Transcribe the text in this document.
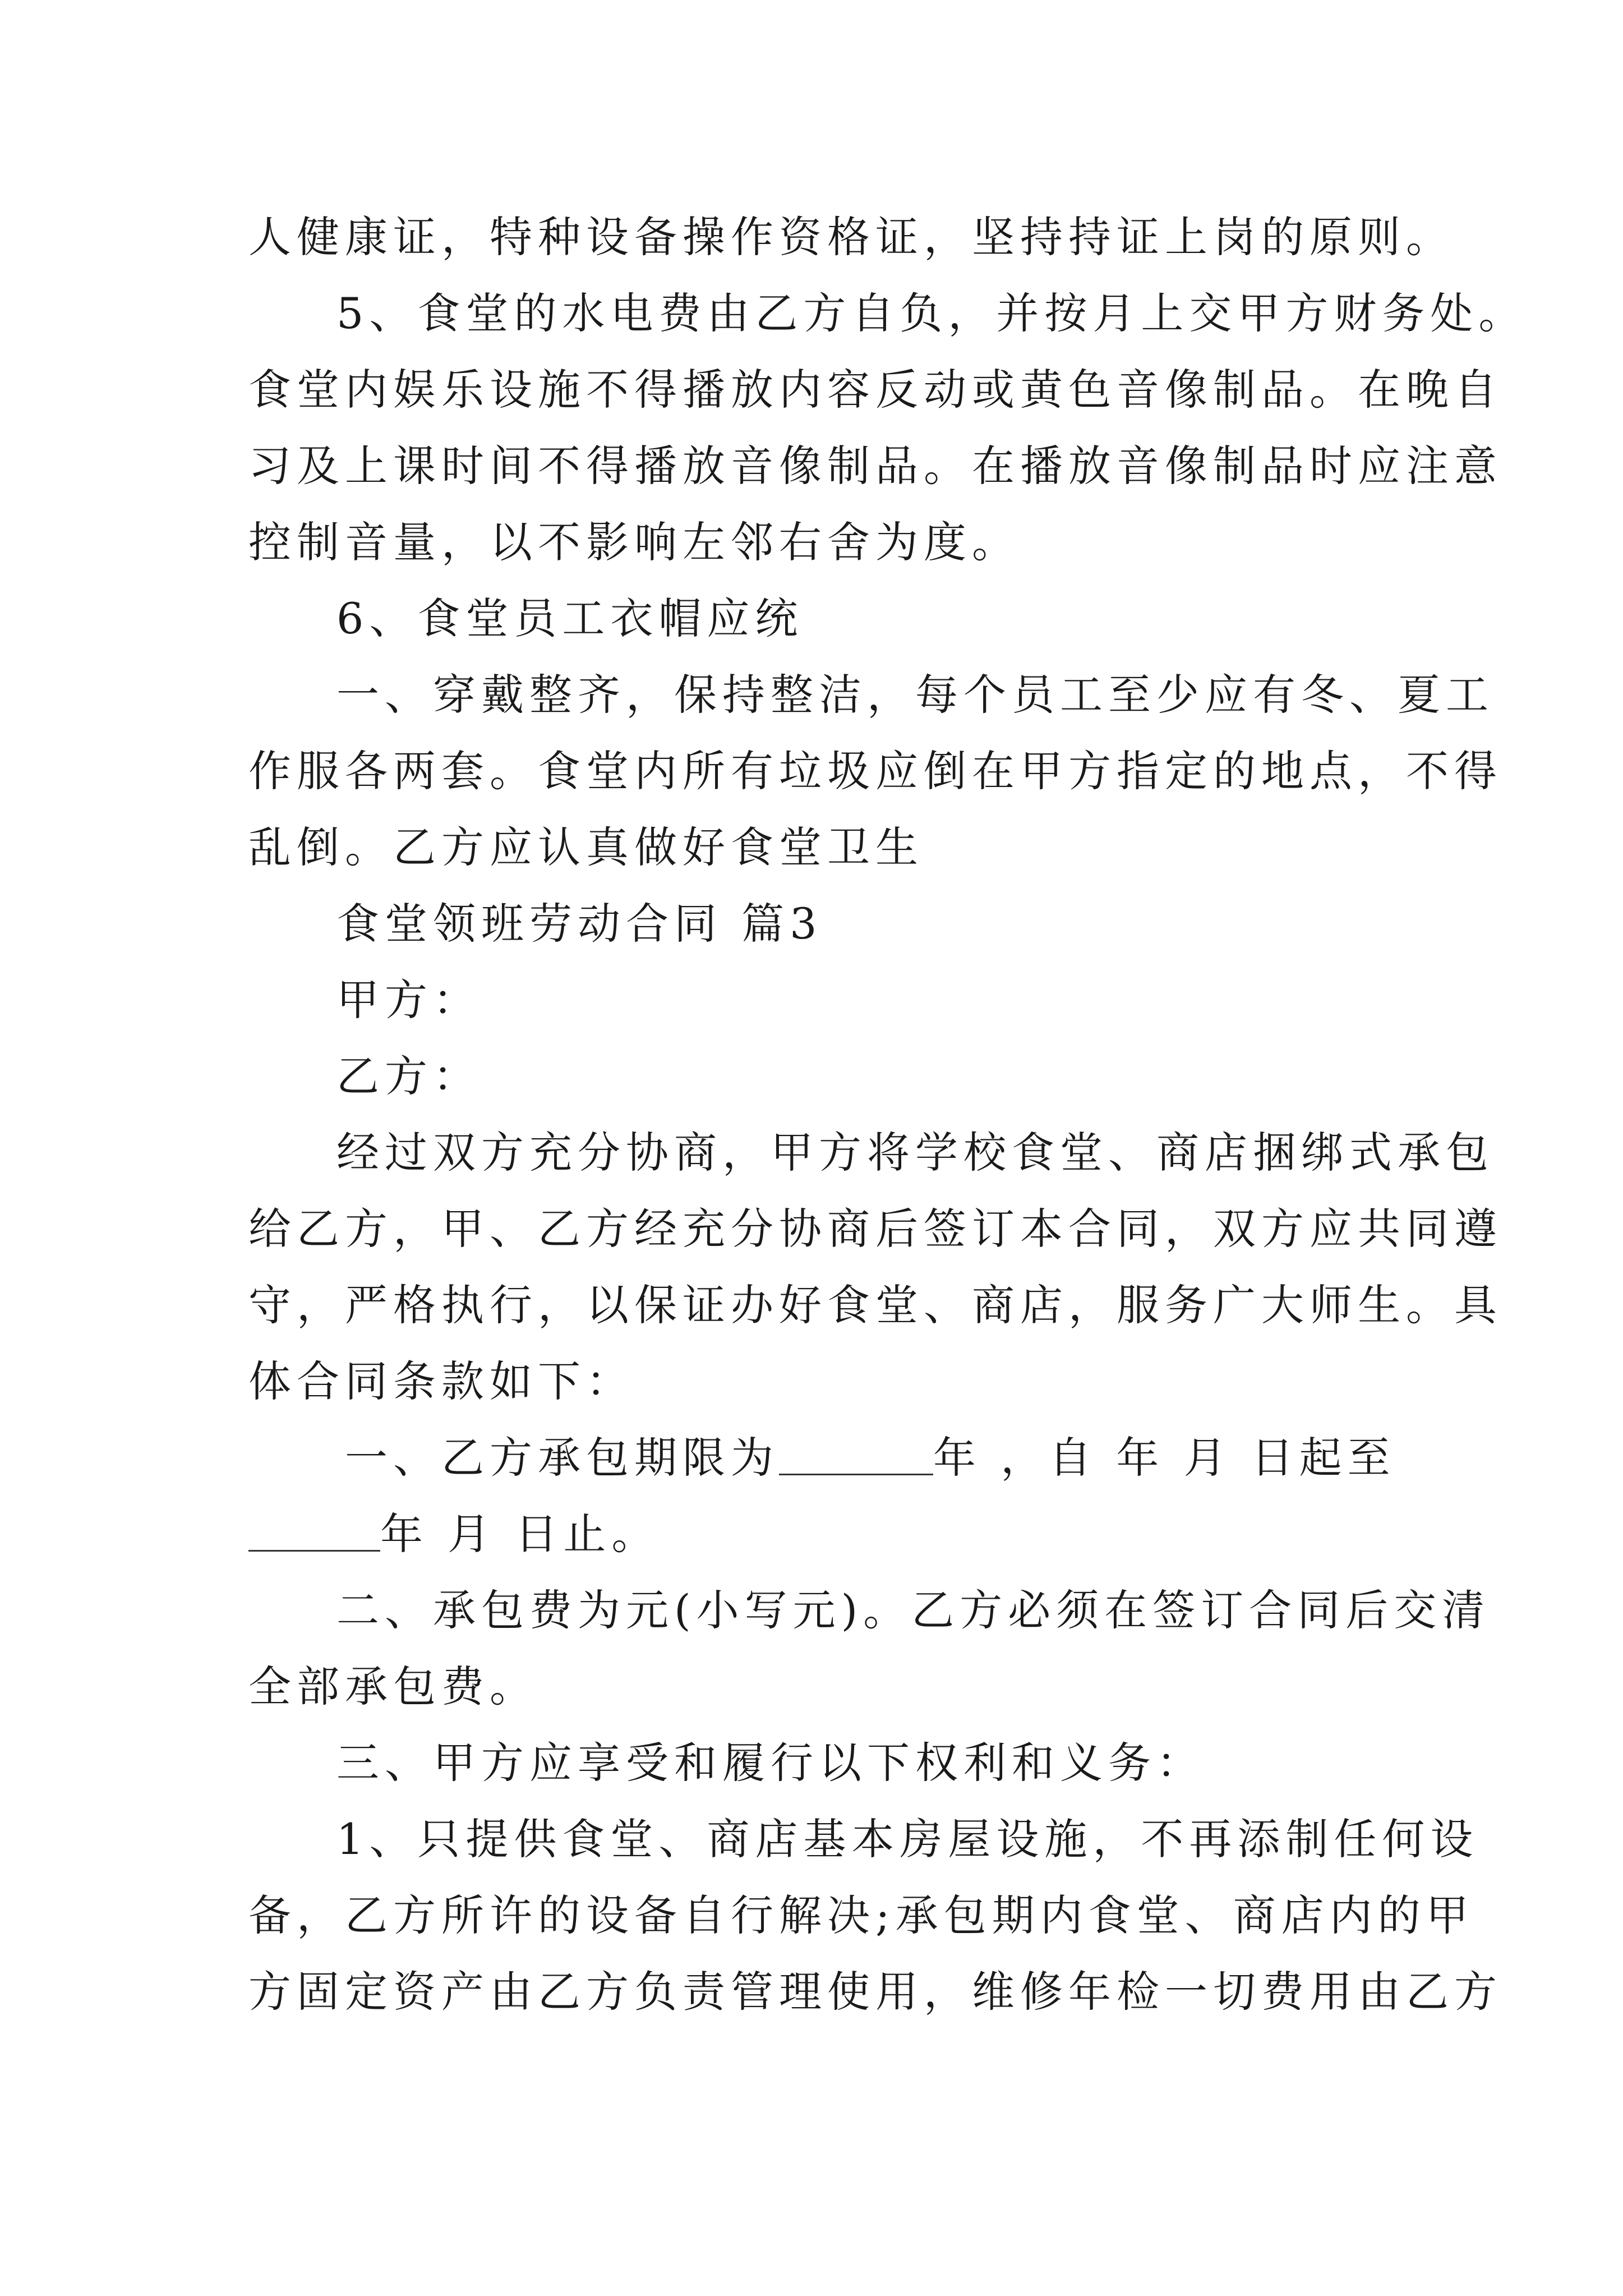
人健康证，特种设备操作资格证，坚持持证上岗的原则。
5、食堂的水电费由乙方自负，并按月上交甲方财务处。
食堂内娱乐设施不得播放内容反动或黄色音像制品。在晚自
习及上课时间不得播放音像制品。在播放音像制品时应注意
控制音量，以不影响左邻右舍为度。
6、食堂员工衣帽应统
一、穿戴整齐，保持整洁，每个员工至少应有冬、夏工
作服各两套。食堂内所有垃圾应倒在甲方指定的地点，不得
乱倒。乙方应认真做好食堂卫生
食堂领班劳动合同 篇3
甲方：
乙方：
经过双方充分协商，甲方将学校食堂、商店捆绑式承包
给乙方，甲、乙方经充分协商后签订本合同，双方应共同遵
守，严格执行，以保证办好食堂、商店，服务广大师生。具
体合同条款如下：
一、乙方承包期限为	年 ，自 年 月 日起至
年 月 日止。
二、承包费为元(小写元)。乙方必须在签订合同后交清
全部承包费。
三、甲方应享受和履行以下权利和义务：
1、只提供食堂、商店基本房屋设施，不再添制任何设
备，乙方所许的设备自行解决;承包期内食堂、商店内的甲
方固定资产由乙方负责管理使用，维修年检一切费用由乙方
